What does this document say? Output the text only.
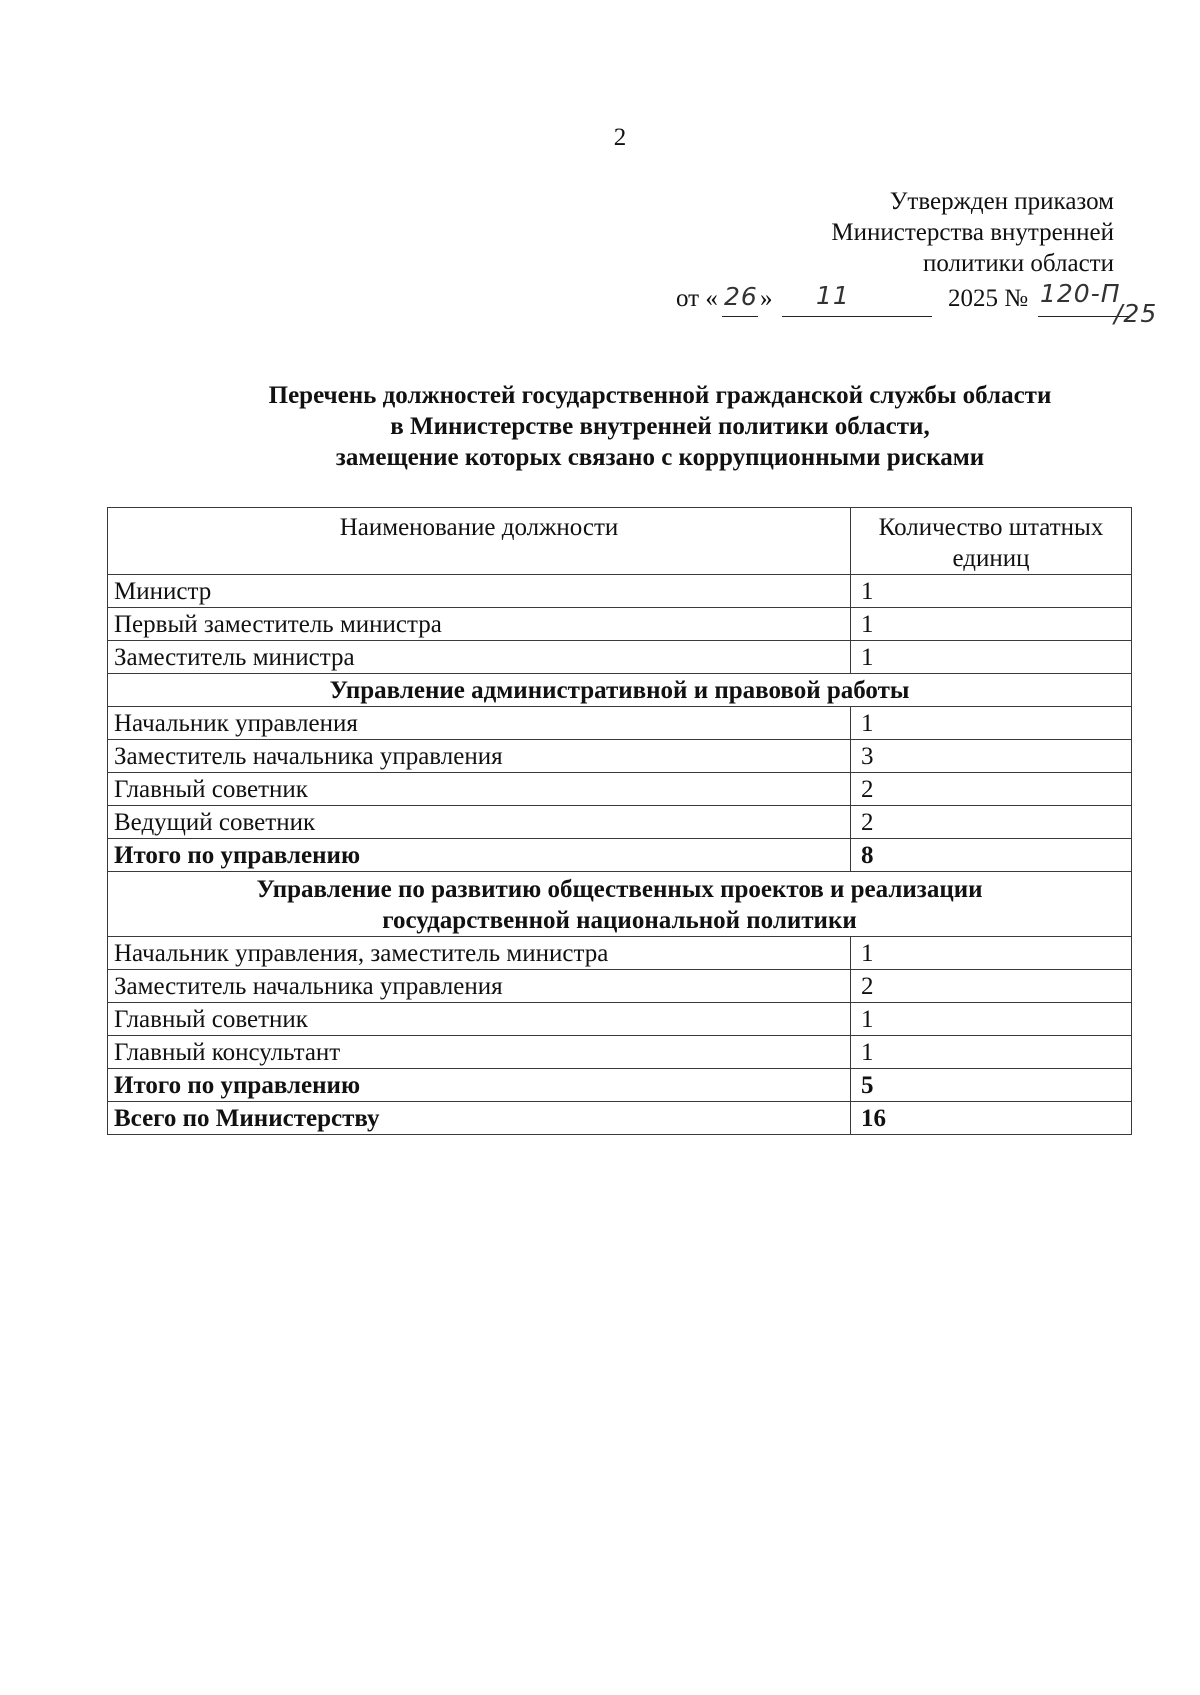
2
Утвержден приказом
Министерства внутренней
политики области
от « 26 » 11	2025 № 120-П
/25
Перечень должностей государственной гражданской службы области
в Министерстве внутренней политики области,
замещение которых связано с коррупционными рисками
Наименование должности	Количество штатных единиц
Министр	1
Первый заместитель министра	1
Заместитель министра	1
Управление административной и правовой работы	
Начальник управления	1
Заместитель начальника управления	3
Главный советник	2
Ведущий советник	2
Итого по управлению	8

Управление по развитию общественных проектов и реализации
государственной национальной политики	

Начальник управления, заместитель министра	1
Заместитель начальника управления	2
Главный советник	1
Главный консультант	1
Итого по управлению	5
Всего по Министерству	16
